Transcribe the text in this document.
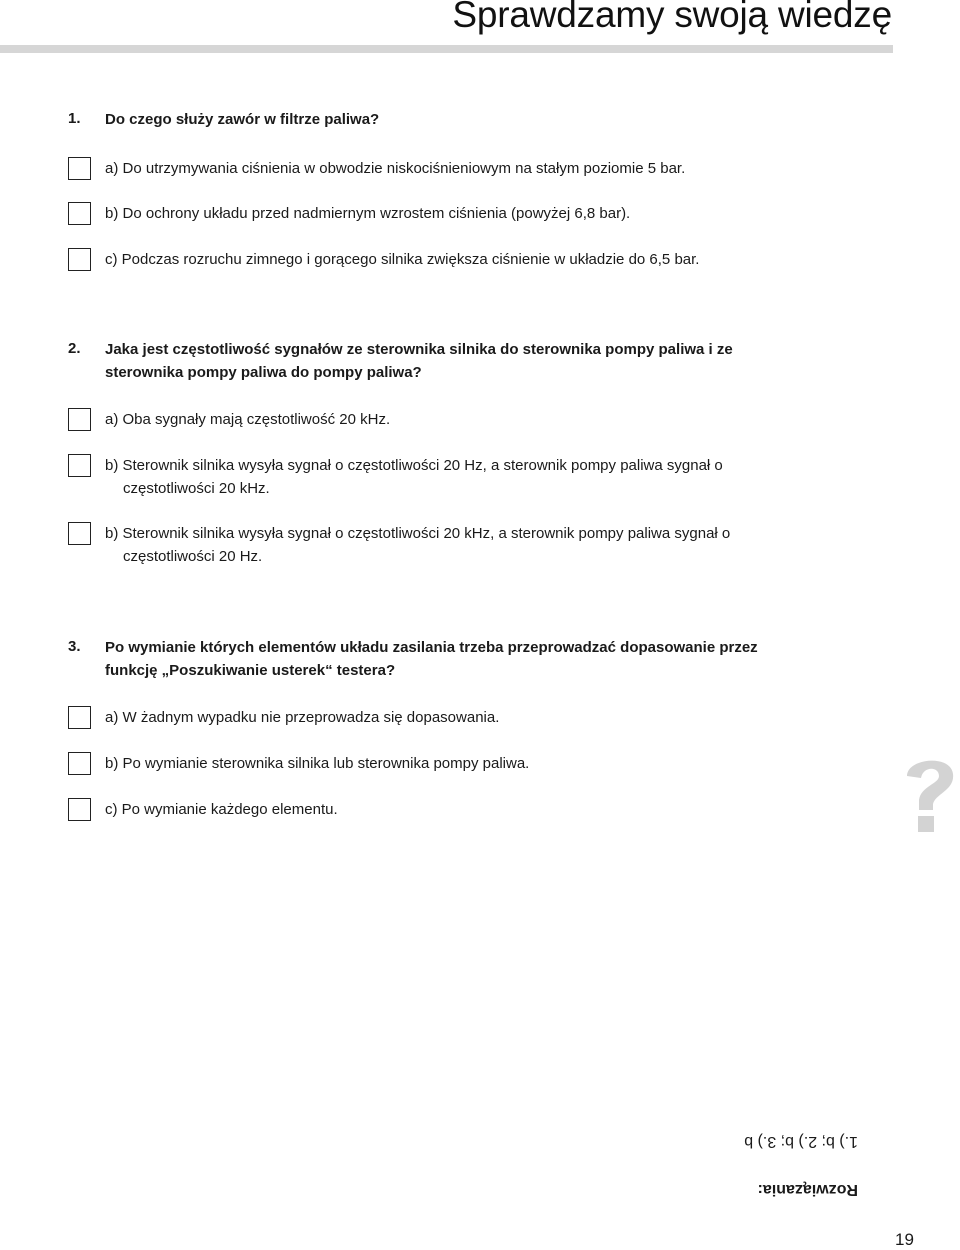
Sprawdzamy swoją wiedzę
1. Do czego służy zawór w filtrze paliwa?

a) Do utrzymywania ciśnienia w obwodzie niskociśnieniowym na stałym poziomie 5 bar.
b) Do ochrony układu przed nadmiernym wzrostem ciśnienia (powyżej 6,8 bar).
c) Podczas rozruchu zimnego i gorącego silnika zwiększa ciśnienie w układzie do 6,5 bar.
2. Jaka jest częstotliwość sygnałów ze sterownika silnika do sterownika pompy paliwa i ze
sterownika pompy paliwa do pompy paliwa?

a) Oba sygnały mają częstotliwość 20 kHz.
b) Sterownik silnika wysyła sygnał o częstotliwości 20 Hz, a sterownik pompy paliwa sygnał o
częstotliwości 20 kHz.
b) Sterownik silnika wysyła sygnał o częstotliwości 20 kHz, a sterownik pompy paliwa sygnał o
częstotliwości 20 Hz.
3. Po wymianie których elementów układu zasilania trzeba przeprowadzać dopasowanie przez
funkcję „Poszukiwanie usterek“ testera?

a) W żadnym wypadku nie przeprowadza się dopasowania.
b) Po wymianie sterownika silnika lub sterownika pompy paliwa.
c) Po wymianie każdego elementu.
Rozwiązania:
1.) b; 2.) b; 3.) b
19
